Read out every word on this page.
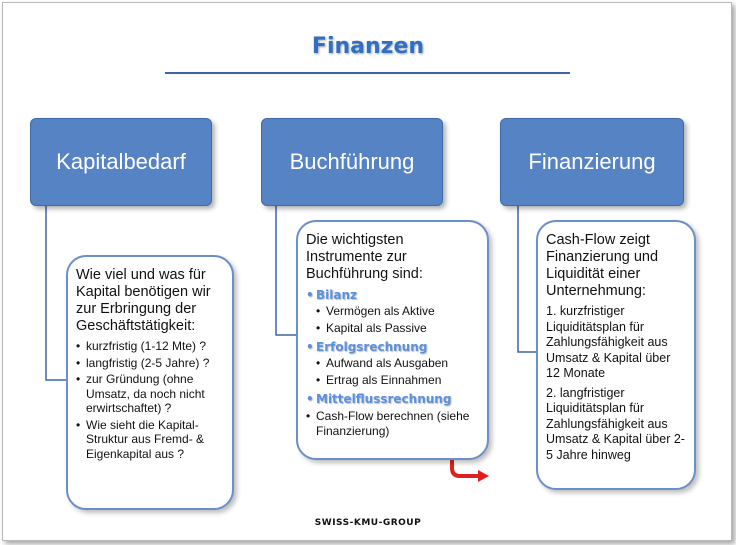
Finanzen
Kapitalbedarf

Wie viel und was für Kapital benötigen wir zur Erbringung der Geschäftstätigkeit:

• kurzfristig (1-12 Mte) ?
• langfristig (2-5 Jahre) ?
• zur Gründung (ohne Umsatz, da noch nicht erwirtschaftet) ?
• Wie sieht die Kapital-Struktur aus Fremd- & Eigenkapital aus ?
Buchführung

Die wichtigsten Instrumente zur Buchführung sind:

• Bilanz
• Vermögen als Aktive
• Kapital als Passive
• Erfolgsrechnung
• Aufwand als Ausgaben
• Ertrag als Einnahmen
• Mittelflussrechnung
• Cash-Flow berechnen (siehe Finanzierung)
Finanzierung

Cash-Flow zeigt Finanzierung und Liquidität einer Unternehmung:

1. kurzfristiger Liquiditätsplan für Zahlungsfähigkeit aus Umsatz & Kapital über 12 Monate

2. langfristiger Liquiditätsplan für Zahlungsfähigkeit aus Umsatz & Kapital über 2-5 Jahre hinweg

SWISS-KMU-GROUP
